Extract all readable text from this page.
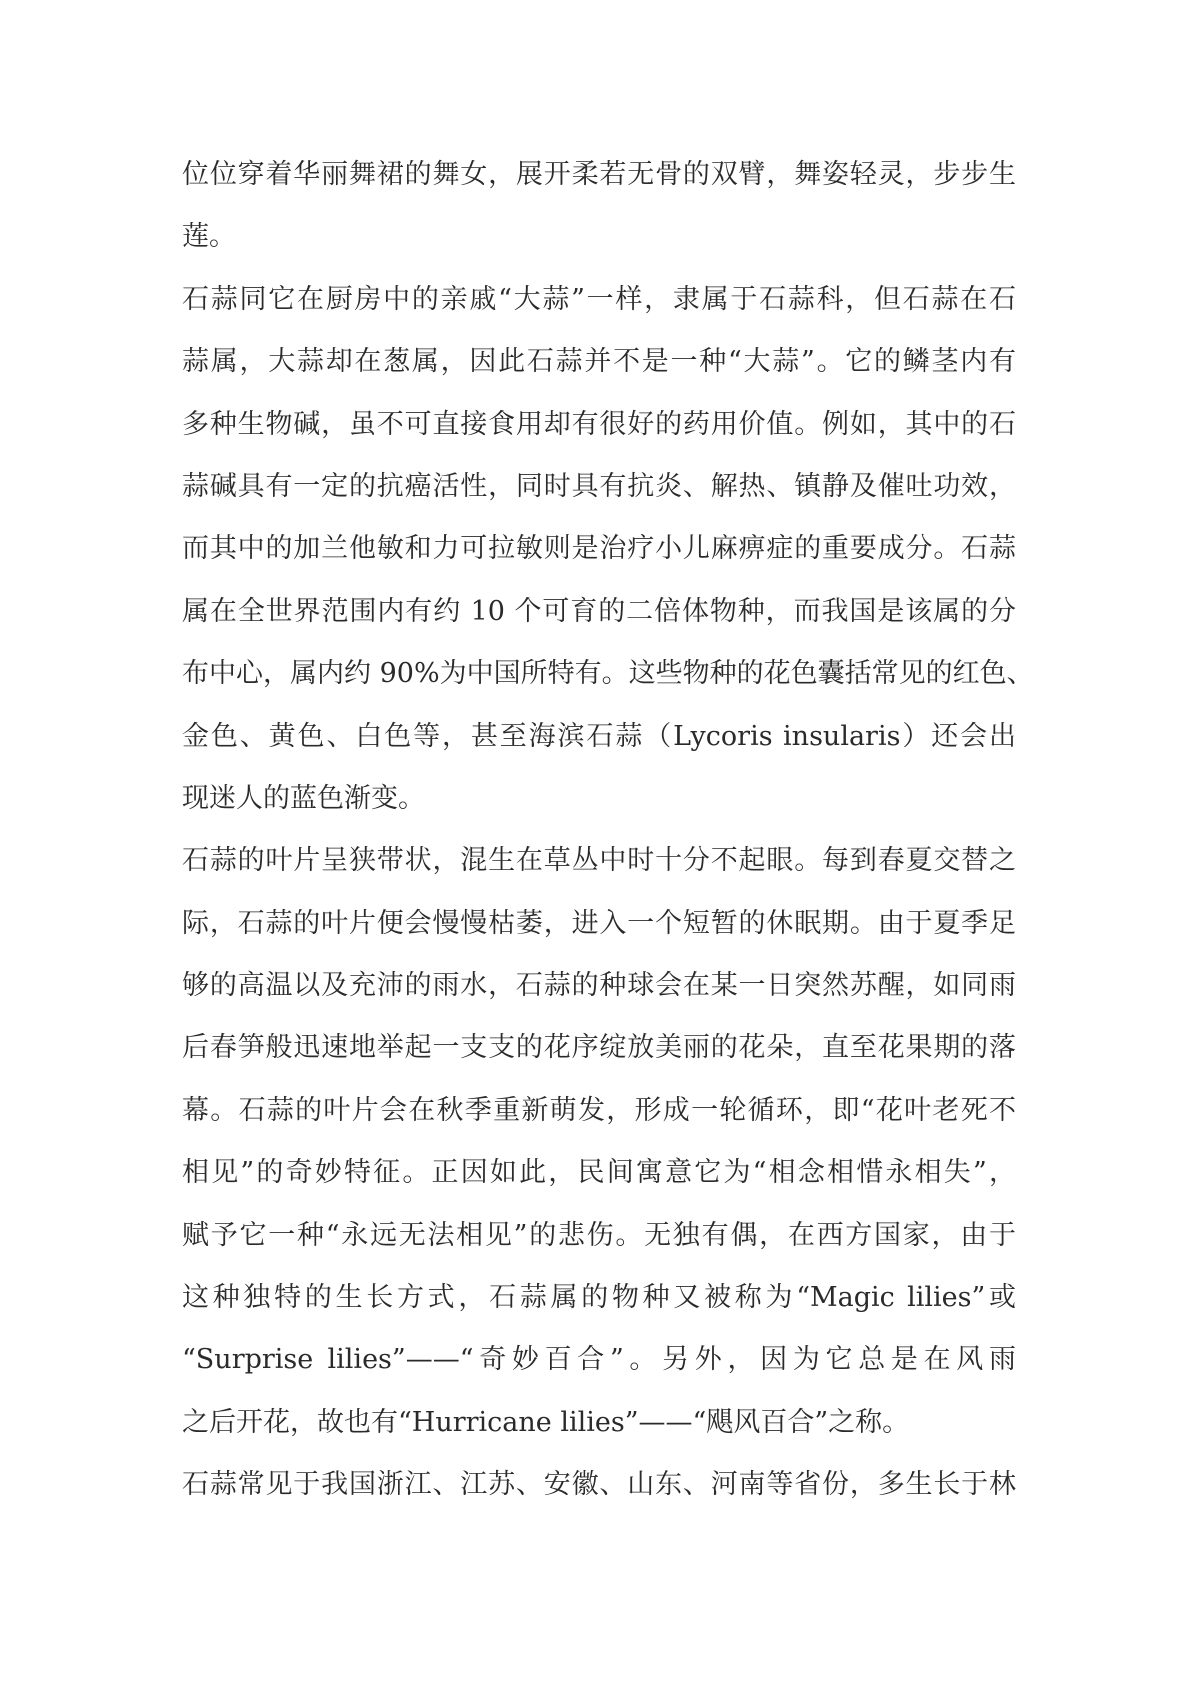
位位穿着华丽舞裙的舞女，展开柔若无骨的双臂，舞姿轻灵，步步生
莲。

石蒜同它在厨房中的亲戚“大蒜”一样，隶属于石蒜科，但石蒜在石
蒜属，大蒜却在葱属，因此石蒜并不是一种“大蒜”。它的鳞茎内有
多种生物碱，虽不可直接食用却有很好的药用价值。例如，其中的石
蒜碱具有一定的抗癌活性，同时具有抗炎、解热、镇静及催吐功效，
而其中的加兰他敏和力可拉敏则是治疗小儿麻痹症的重要成分。石蒜
属在全世界范围内有约 10 个可育的二倍体物种，而我国是该属的分
布中心，属内约 90%为中国所特有。这些物种的花色囊括常见的红色、
金色、黄色、白色等，甚至海滨石蒜（Lycoris insularis）还会出
现迷人的蓝色渐变。

石蒜的叶片呈狭带状，混生在草丛中时十分不起眼。每到春夏交替之
际，石蒜的叶片便会慢慢枯萎，进入一个短暂的休眠期。由于夏季足
够的高温以及充沛的雨水，石蒜的种球会在某一日突然苏醒，如同雨
后春笋般迅速地举起一支支的花序绽放美丽的花朵，直至花果期的落
幕。石蒜的叶片会在秋季重新萌发，形成一轮循环，即“花叶老死不
相见”的奇妙特征。正因如此，民间寓意它为“相念相惜永相失”，
赋予它一种“永远无法相见”的悲伤。无独有偶，在西方国家，由于
这种独特的生长方式，石蒜属的物种又被称为“Magic lilies”或
“Surprise lilies”——“奇妙百合”。另外，因为它总是在风雨
之后开花，故也有“Hurricane lilies”——“飓风百合”之称。

石蒜常见于我国浙江、江苏、安徽、山东、河南等省份，多生长于林
